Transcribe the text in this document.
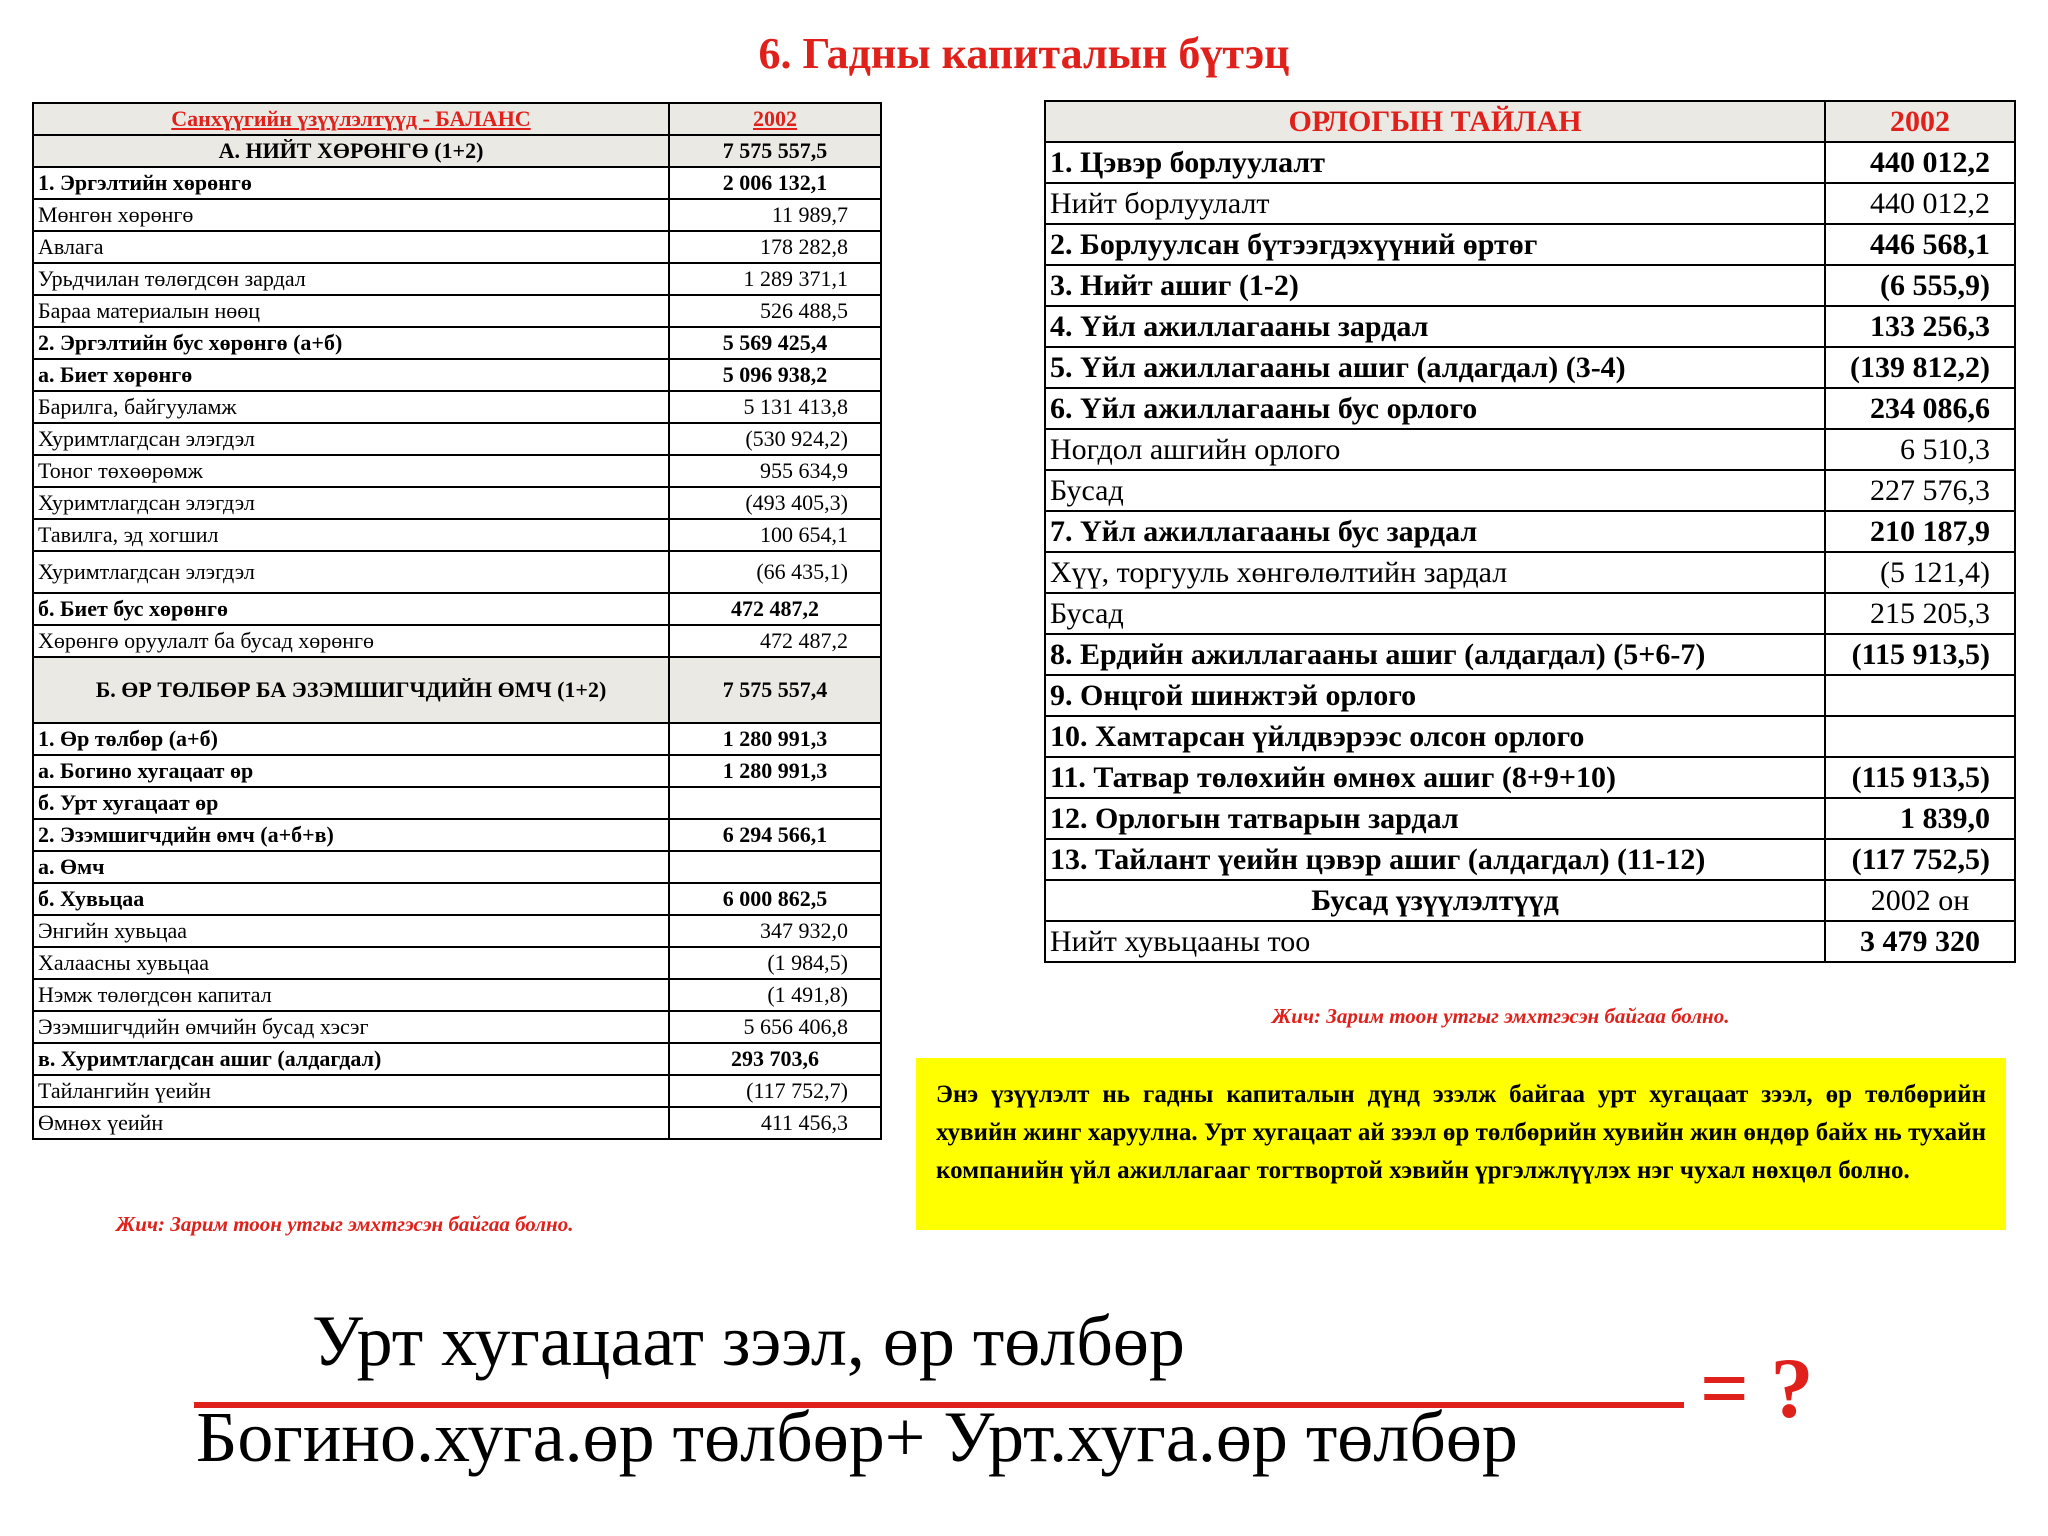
6. Гадны капиталын бүтэц
Санхүүгийн үзүүлэлтүүд - БАЛАНС	2002
А. НИЙТ ХӨРӨНГӨ (1+2)	7 575 557,5
1. Эргэлтийн хөрөнгө	2 006 132,1
Мөнгөн хөрөнгө	11 989,7
Авлага	178 282,8
Урьдчилан төлөгдсөн зардал	1 289 371,1
Бараа материалын нөөц	526 488,5
2. Эргэлтийн бус хөрөнгө (а+б)	5 569 425,4
а. Биет хөрөнгө	5 096 938,2
Барилга, байгууламж	5 131 413,8
Хуримтлагдсан элэгдэл	(530 924,2)
Тоног төхөөрөмж	955 634,9
Хуримтлагдсан элэгдэл	(493 405,3)
Тавилга, эд хогшил	100 654,1
Хуримтлагдсан элэгдэл	(66 435,1)
б. Биет бус хөрөнгө	472 487,2
Хөрөнгө оруулалт ба бусад хөрөнгө	472 487,2
Б. ӨР ТӨЛБӨР БА ЭЗЭМШИГЧДИЙН ӨМЧ (1+2)	7 575 557,4
1. Өр төлбөр (а+б)	1 280 991,3
а. Богино хугацаат өр	1 280 991,3
б. Урт хугацаат өр	
2. Эзэмшигчдийн өмч (а+б+в)	6 294 566,1
а. Өмч	
б. Хувьцаа	6 000 862,5
Энгийн хувьцаа	347 932,0
Халаасны хувьцаа	(1 984,5)
Нэмж төлөгдсөн капитал	(1 491,8)
Эзэмшигчдийн өмчийн бусад хэсэг	5 656 406,8
в. Хуримтлагдсан ашиг (алдагдал)	293 703,6
Тайлангийн үеийн	(117 752,7)
Өмнөх үеийн	411 456,3
Жич: Зарим тоон утгыг эмхтгэсэн байгаа болно.
ОРЛОГЫН ТАЙЛАН	2002
1. Цэвэр борлуулалт	440 012,2
Нийт борлуулалт	440 012,2
2. Борлуулсан бүтээгдэхүүний өртөг	446 568,1
3. Нийт ашиг (1-2)	(6 555,9)
4. Үйл ажиллагааны зардал	133 256,3
5. Үйл ажиллагааны ашиг (алдагдал) (3-4)	(139 812,2)
6. Үйл ажиллагааны бус орлого	234 086,6
Ногдол ашгийн орлого	6 510,3
Бусад	227 576,3
7. Үйл ажиллагааны бус зардал	210 187,9
Хүү, торгууль хөнгөлөлтийн зардал	(5 121,4)
Бусад	215 205,3
8. Ердийн ажиллагааны ашиг (алдагдал) (5+6-7)	(115 913,5)
9. Онцгой шинжтэй орлого	
10. Хамтарсан үйлдвэрээс олсон орлого	
11. Татвар төлөхийн өмнөх ашиг (8+9+10)	(115 913,5)
12. Орлогын татварын зардал	1 839,0
13. Тайлант үеийн цэвэр ашиг (алдагдал) (11-12)	(117 752,5)
Бусад үзүүлэлтүүд	2002 он
Нийт хувьцааны тоо	3 479 320
Жич: Зарим тоон утгыг эмхтгэсэн байгаа болно.
Энэ үзүүлэлт нь гадны капиталын дүнд эзэлж байгаа урт хугацаат зээл, өр төлбөрийн хувийн жинг харуулна. Урт хугацаат ай зээл өр төлбөрийн хувийн жин өндөр байх нь тухайн компанийн үйл ажиллагааг тогтвортой хэвийн үргэлжлүүлэх нэг чухал нөхцөл болно.
Урт хугацаат зээл, өр төлбөр
Богино.хуга.өр төлбөр+ Урт.хуга.өр төлбөр
= ?
